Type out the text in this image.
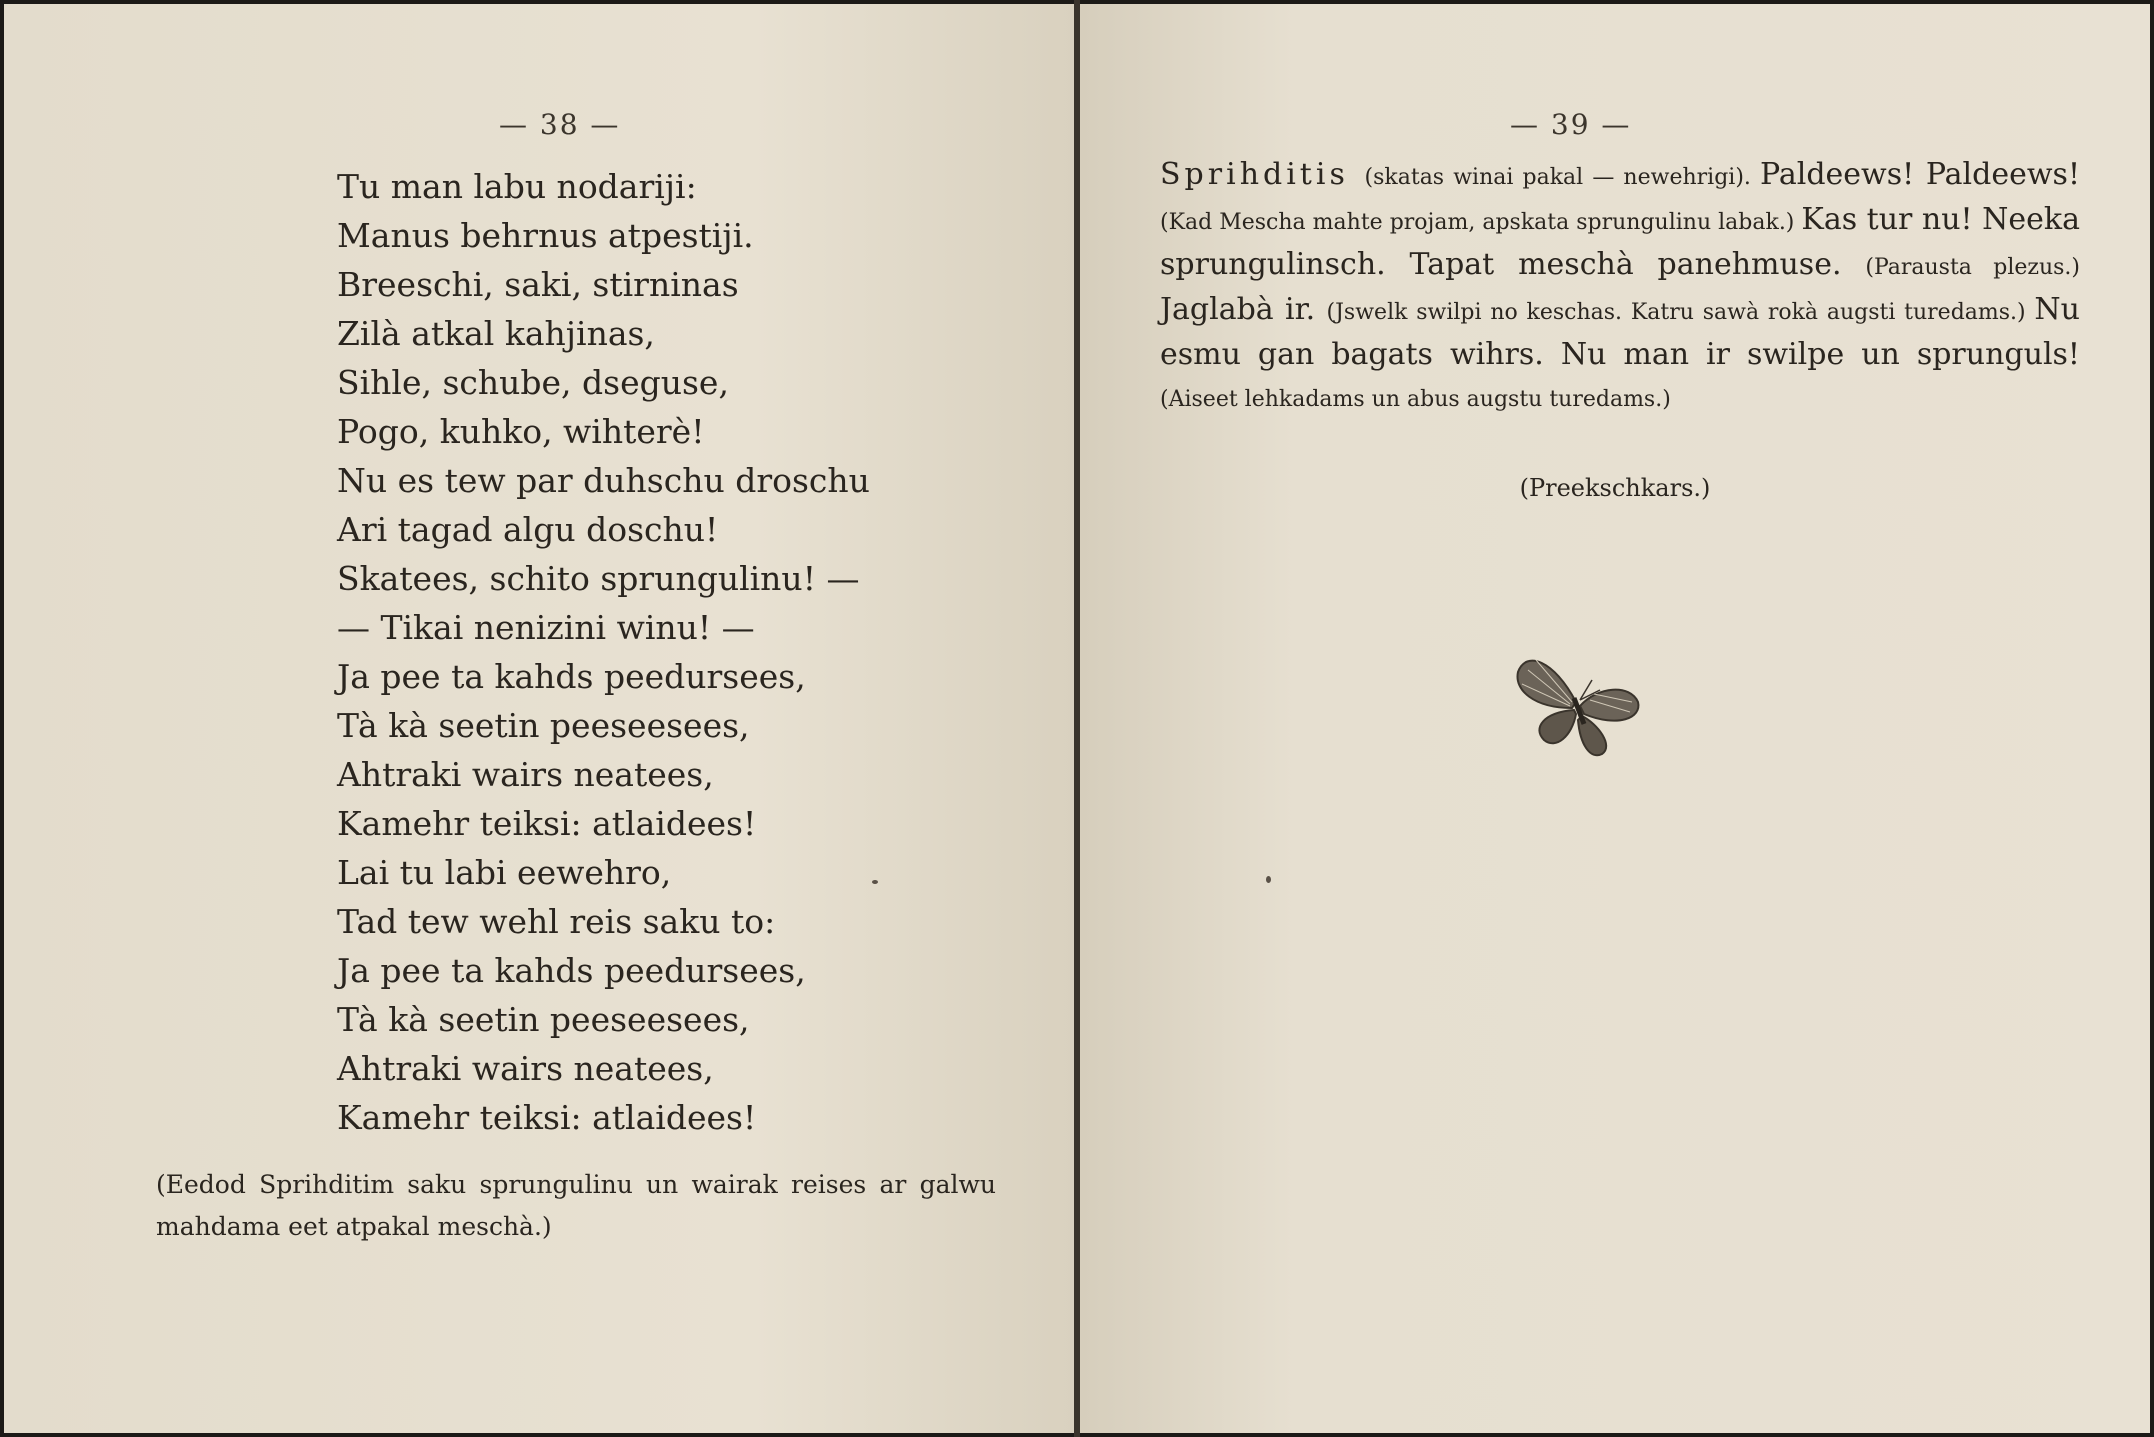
— 38 —
Tu man labu nodariji:
Manus behrnus atpestiji.
Breeschi, saki, stirninas
Zilà atkal kahjinas,
Sihle, schube, dseguse,
Pogo, kuhko, wihterè!
Nu es tew par duhschu droschu
Ari tagad algu doschu!
Skatees, schito sprungulinu! —
— Tikai nenizini winu! —
Ja pee ta kahds peedursees,
Tà kà seetin peeseesees,
Ahtraki wairs neatees,
Kamehr teiksi: atlaidees!
Lai tu labi eewehro,
Tad tew wehl reis saku to:
Ja pee ta kahds peedursees,
Tà kà seetin peeseesees,
Ahtraki wairs neatees,
Kamehr teiksi: atlaidees!
(Eedod Sprihditim saku sprungulinu un wairak reises ar galwu mahdama eet atpakal meschà.)
— 39 —
Sprihditis (skatas winai pakal — newehrigi). Paldeews! Paldeews! (Kad Mescha mahte projam, apskata sprungulinu labak.) Kas tur nu! Neeka sprungulinsch. Tapat meschà panehmuse. (Paraustа plezus.) Jaglabà ir. (Jswelk swilpi no keschas. Katru sawà rokà augsti turedams.) Nu esmu gan bagats wihrs. Nu man ir swilpe un sprunguls! (Aiseet lehkadams un abus augstu turedams.)
(Preekschkars.)
